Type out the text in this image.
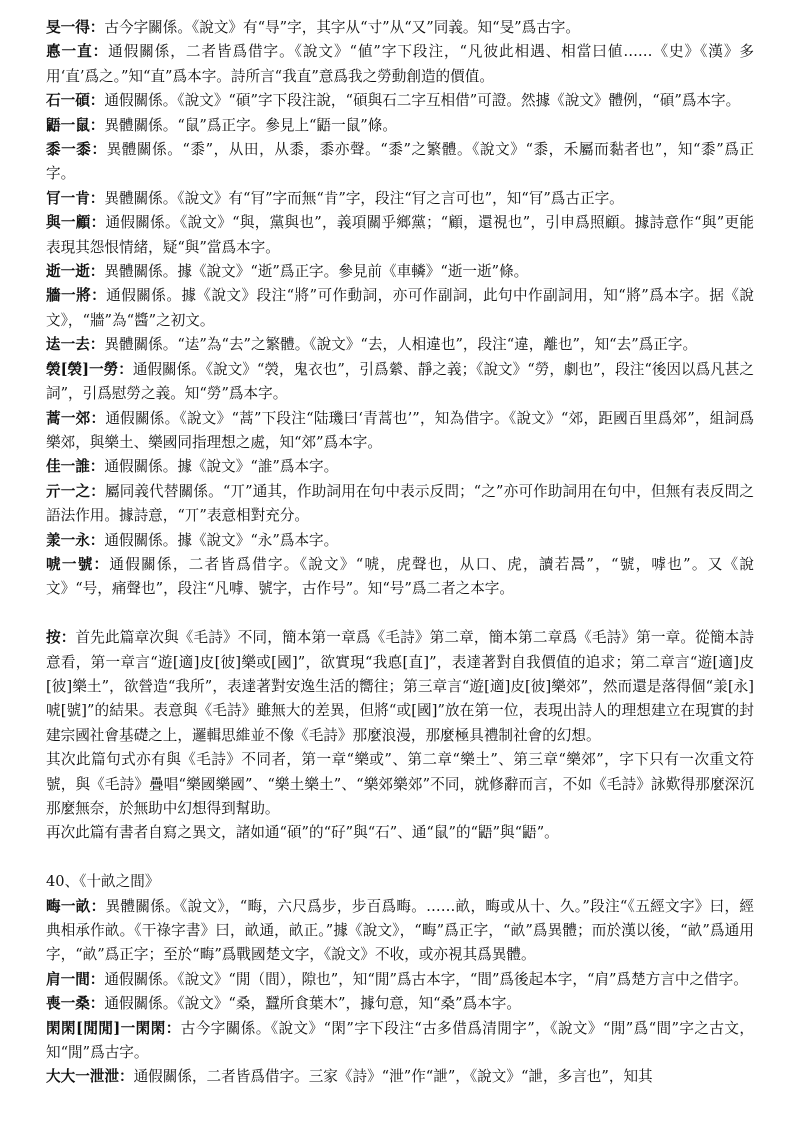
旻一得：古今字關係。《說文》有“㝵”字，其字从“寸”从“又”同義。知“旻”爲古字。

悳一直：通假關係，二者皆爲借字。《說文》“値”字下段注，“凡彼此相遇、相當曰値……《史》《漢》多用‘直’爲之。”知“直”爲本字。詩所言“我直”意爲我之勞動創造的價值。

石一碩：通假關係。《說文》“碩”字下段注說，“碩與石二字互相借”可證。然據《說文》體例，“碩”爲本字。

鼯一鼠：異體關係。“鼠”爲正字。參見上“鼯一鼠”條。

黍一黍：異體關係。“黍”，从田，从黍，黍亦聲。“黍”之繁體。《說文》“黍，禾屬而黏者也”，知“黍”爲正字。

肎一肯：異體關係。《說文》有“肎”字而無“肯”字，段注“肎之言可也”，知“肎”爲古正字。

與一顧：通假關係。《說文》“與，黨與也”，義項關乎鄉黨；“顧，還視也”，引申爲照顧。據詩意作“與”更能表現其怨恨情緒，疑“與”當爲本字。

逝一逝：異體關係。據《說文》“逝”爲正字。參見前《車轔》“逝一逝”條。

牆一將：通假關係。據《說文》段注“將”可作動詞，亦可作副詞，此句中作副詞用，知“將”爲本字。据《說文》，“牆”為“醬”之初文。

迲一去：異體關係。“迲”為“去”之繁體。《說文》“去，人相違也”，段注“違，離也”，知“去”爲正字。

褮[褮]一勞：通假關係。《說文》“褮，鬼衣也”，引爲縈、靜之義；《說文》“勞，劇也”，段注“後因以爲凡甚之詞”，引爲慰勞之義。知“勞”爲本字。

蒿一郊：通假關係。《說文》“蒿”下段注“陆璣曰‘青蒿也’”，知為借字。《說文》“郊，距國百里爲郊”，組詞爲樂郊，與樂土、樂國同指理想之處，知“郊”爲本字。

佳一誰：通假關係。據《說文》“誰”爲本字。

亓一之：屬同義代替關係。“丌”通其，作助詞用在句中表示反問；“之”亦可作助詞用在句中，但無有表反問之語法作用。據詩意，“丌”表意相對充分。

羕一永：通假關係。據《說文》“永”爲本字。

唬一號：通假關係，二者皆爲借字。《說文》“唬，虎聲也，从口、虎，讀若暠”，“號，嘑也”。又《說文》“号，痛聲也”，段注“凡嘑、號字，古作号”。知“号”爲二者之本字。

按：首先此篇章次與《毛詩》不同，簡本第一章爲《毛詩》第二章，簡本第二章爲《毛詩》第一章。從簡本詩意看，第一章言“遊[適]皮[彼]樂或[國]”，欲實現“我悳[直]”，表達著對自我價值的追求；第二章言“遊[適]皮[彼]樂土”，欲營造“我所”，表達著對安逸生活的嚮往；第三章言“遊[適]皮[彼]樂郊”，然而還是落得個“羕[永]唬[號]”的結果。表意與《毛詩》雖無大的差異，但將“或[國]”放在第一位，表現出詩人的理想建立在現實的封建宗國社會基礎之上，邏輯思維並不像《毛詩》那麼浪漫，那麼極具禮制社會的幻想。

其次此篇句式亦有與《毛詩》不同者，第一章“樂或”、第二章“樂土”、第三章“樂郊”，字下只有一次重文符號，與《毛詩》疊唱“樂國樂國”、“樂土樂土”、“樂郊樂郊”不同，就修辭而言，不如《毛詩》詠歎得那麼深沉那麼無奈，於無助中幻想得到幫助。

再次此篇有書者自寫之異文，諸如通“碩”的“矷”與“石”、通“鼠”的“鼯”與“鼯”。

40、《十畝之間》

畮一畝：異體關係。《說文》，“畮，六尺爲步，步百爲畮。……畝，畮或从十、久。”段注“《五經文字》曰，經典相承作畝。《干祿字書》曰，畝通，畝正。”據《說文》，“畮”爲正字，“畝”爲異體；而於漢以後，“畝”爲通用字，“畝”爲正字；至於“畮”爲戰國楚文字，《說文》不收，或亦視其爲異體。

肩一間：通假關係。《說文》“閒（間），隙也”，知“閒”爲古本字，“間”爲後起本字，“肩”爲楚方言中之借字。

喪一桑：通假關係。《說文》“桑，蠶所食葉木”，據句意，知“桑”爲本字。

閑閑[閒閒]一閑閑：古今字關係。《說文》“閑”字下段注“古多借爲清閒字”，《說文》“閒”爲“間”字之古文，知“閒”爲古字。

大大一泄泄：通假關係，二者皆爲借字。三家《詩》“泄”作“詍”，《說文》“詍，多言也”，知其
